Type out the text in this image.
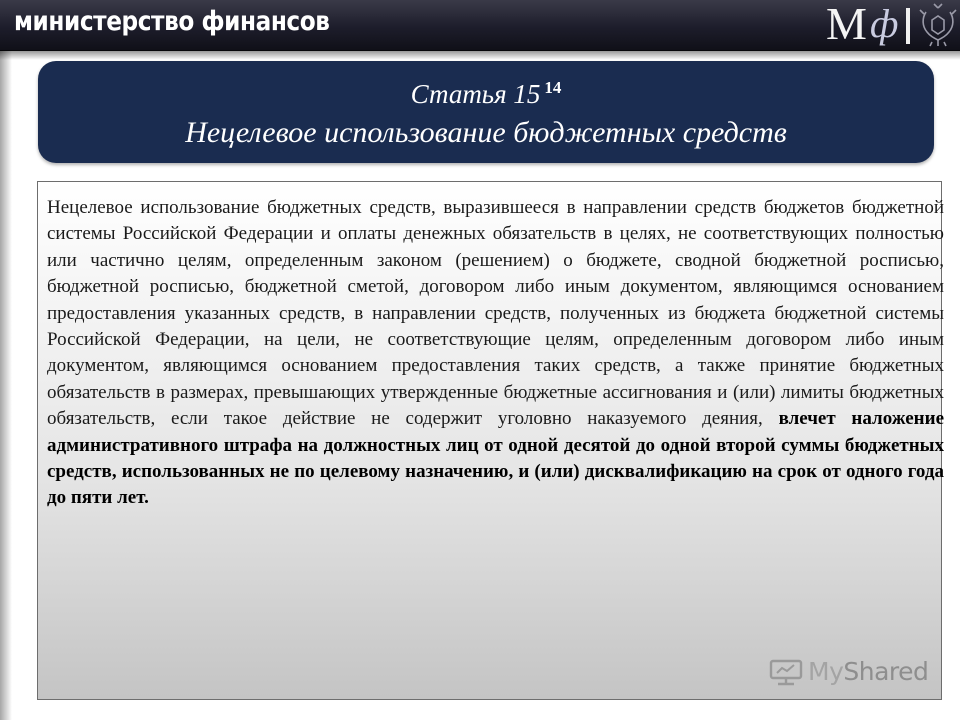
министерство финансов	М ф
Статья 15 $^{14}$
Нецелевое использование бюджетных средств

Нецелевое использование бюджетных средств, выразившееся в направлении средств бюджетов бюджетной системы Российской Федерации и оплаты денежных обязательств в целях, не соответствующих полностью или частично целям, определенным законом (решением) о бюджете, сводной бюджетной росписью, бюджетной росписью, бюджетной сметой, договором либо иным документом, являющимся основанием предоставления указанных средств, в направлении средств, полученных из бюджета бюджетной системы Российской Федерации, на цели, не соответствующие целям, определенным договором либо иным документом, являющимся основанием предоставления таких средств, а также принятие бюджетных обязательств в размерах, превышающих утвержденные бюджетные ассигнования и (или) лимиты бюджетных обязательств, если такое действие не содержит уголовно наказуемого деяния, влечет наложение административного штрафа на должностных лиц от одной десятой до одной второй суммы бюджетных средств, использованных не по целевому назначению, и (или) дисквалификацию на срок от одного года до пяти лет.

MyShared
